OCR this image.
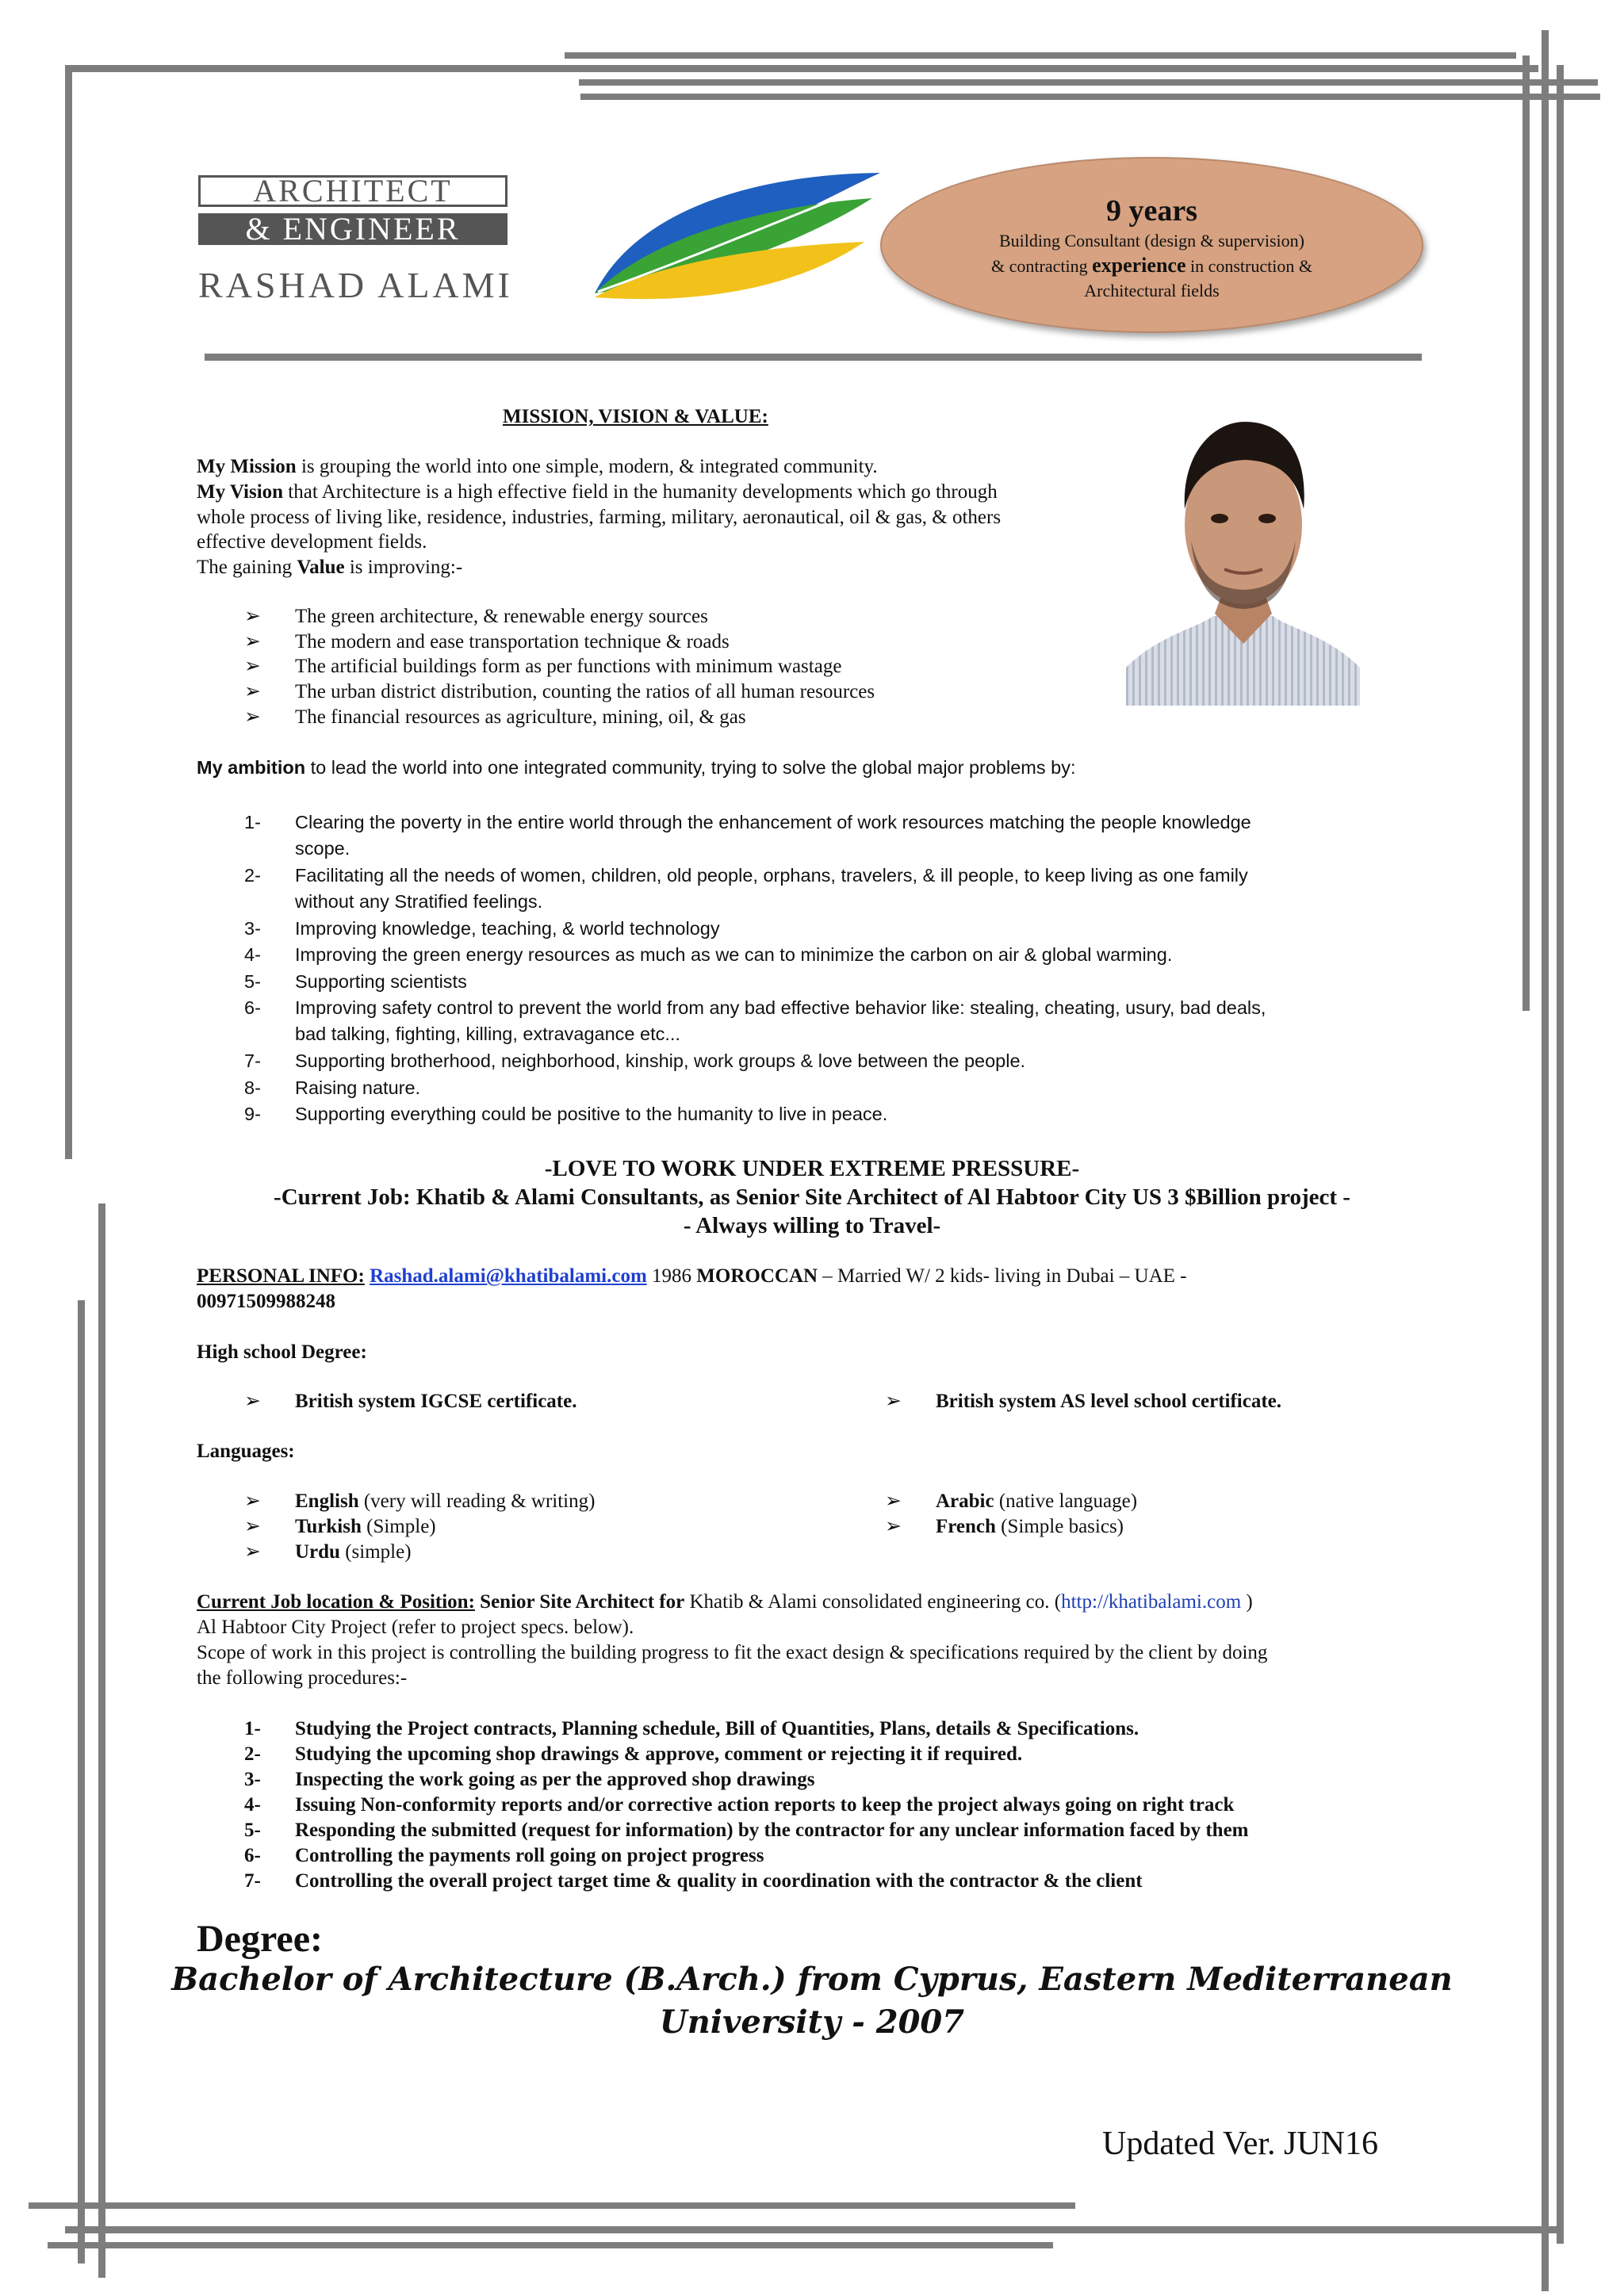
ARCHITECT
& ENGINEER
RASHAD ALAMI
9 years
Building Consultant (design & supervision)
& contracting experience in construction &
Architectural fields
MISSION, VISION & VALUE:
My Mission is grouping the world into one simple, modern, & integrated community.
My Vision that Architecture is a high effective field in the humanity developments which go through
whole process of living like, residence, industries, farming, military, aeronautical, oil & gas, & others
effective development fields.
The gaining Value is improving:-
➢ The green architecture, & renewable energy sources
➢ The modern and ease transportation technique & roads
➢ The artificial buildings form as per functions with minimum wastage
➢ The urban district distribution, counting the ratios of all human resources
➢ The financial resources as agriculture, mining, oil, & gas
My ambition to lead the world into one integrated community, trying to solve the global major problems by:
1- Clearing the poverty in the entire world through the enhancement of work resources matching the people knowledge
scope.
2- Facilitating all the needs of women, children, old people, orphans, travelers, & ill people, to keep living as one family
without any Stratified feelings.
3- Improving knowledge, teaching, & world technology
4- Improving the green energy resources as much as we can to minimize the carbon on air & global warming.
5- Supporting scientists
6- Improving safety control to prevent the world from any bad effective behavior like: stealing, cheating, usury, bad deals,
bad talking, fighting, killing, extravagance etc...
7- Supporting brotherhood, neighborhood, kinship, work groups & love between the people.
8- Raising nature.
9- Supporting everything could be positive to the humanity to live in peace.
-LOVE TO WORK UNDER EXTREME PRESSURE-
-Current Job: Khatib & Alami Consultants, as Senior Site Architect of Al Habtoor City US 3 $Billion project -
- Always willing to Travel-
PERSONAL INFO: Rashad.alami@khatibalami.com 1986 MOROCCAN – Married W/ 2 kids- living in Dubai – UAE -
00971509988248
High school Degree:
➢ British system IGCSE certificate.	➢ British system AS level school certificate.
Languages:
➢ English (very will reading & writing)
➢ Turkish (Simple)
➢ Urdu (simple)
➢ Arabic (native language)
➢ French (Simple basics)
Current Job location & Position: Senior Site Architect for Khatib & Alami consolidated engineering co. (http://khatibalami.com )
Al Habtoor City Project (refer to project specs. below).
Scope of work in this project is controlling the building progress to fit the exact design & specifications required by the client by doing
the following procedures:-
1- Studying the Project contracts, Planning schedule, Bill of Quantities, Plans, details & Specifications.
2- Studying the upcoming shop drawings & approve, comment or rejecting it if required.
3- Inspecting the work going as per the approved shop drawings
4- Issuing Non-conformity reports and/or corrective action reports to keep the project always going on right track
5- Responding the submitted (request for information) by the contractor for any unclear information faced by them
6- Controlling the payments roll going on project progress
7- Controlling the overall project target time & quality in coordination with the contractor & the client
Degree:
Bachelor of Architecture (B.Arch.) from Cyprus, Eastern Mediterranean
University - 2007
Updated Ver. JUN16
